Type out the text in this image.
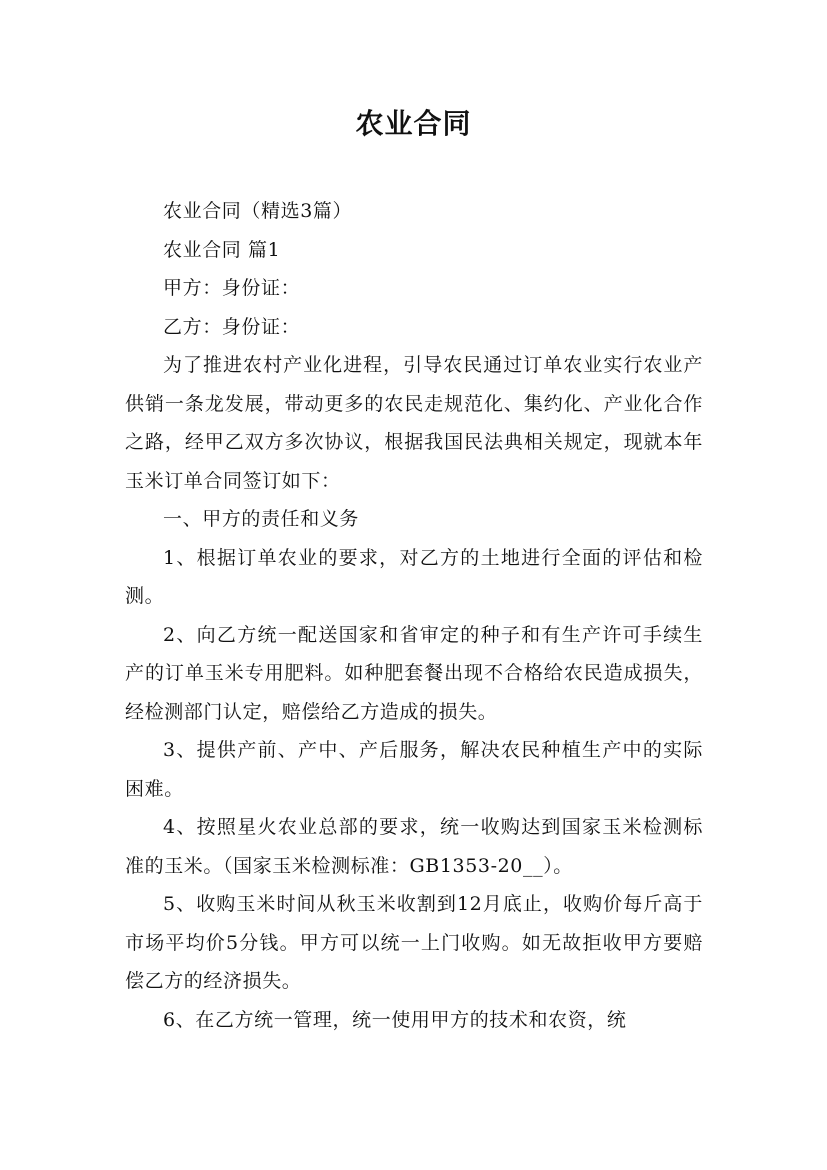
农业合同

农业合同（精选3篇）

农业合同 篇1

甲方：身份证：

乙方：身份证：

为了推进农村产业化进程，引导农民通过订单农业实行农业产供销一条龙发展，带动更多的农民走规范化、集约化、产业化合作之路，经甲乙双方多次协议，根据我国民法典相关规定，现就本年玉米订单合同签订如下：

一、甲方的责任和义务

1、根据订单农业的要求，对乙方的土地进行全面的评估和检测。

2、向乙方统一配送国家和省审定的种子和有生产许可手续生产的订单玉米专用肥料。如种肥套餐出现不合格给农民造成损失，经检测部门认定，赔偿给乙方造成的损失。

3、提供产前、产中、产后服务，解决农民种植生产中的实际困难。

4、按照星火农业总部的要求，统一收购达到国家玉米检测标准的玉米。（国家玉米检测标准：GB1353-20__）。

5、收购玉米时间从秋玉米收割到12月底止，收购价每斤高于市场平均价5分钱。甲方可以统一上门收购。如无故拒收甲方要赔偿乙方的经济损失。

6、在乙方统一管理，统一使用甲方的技术和农资，统
